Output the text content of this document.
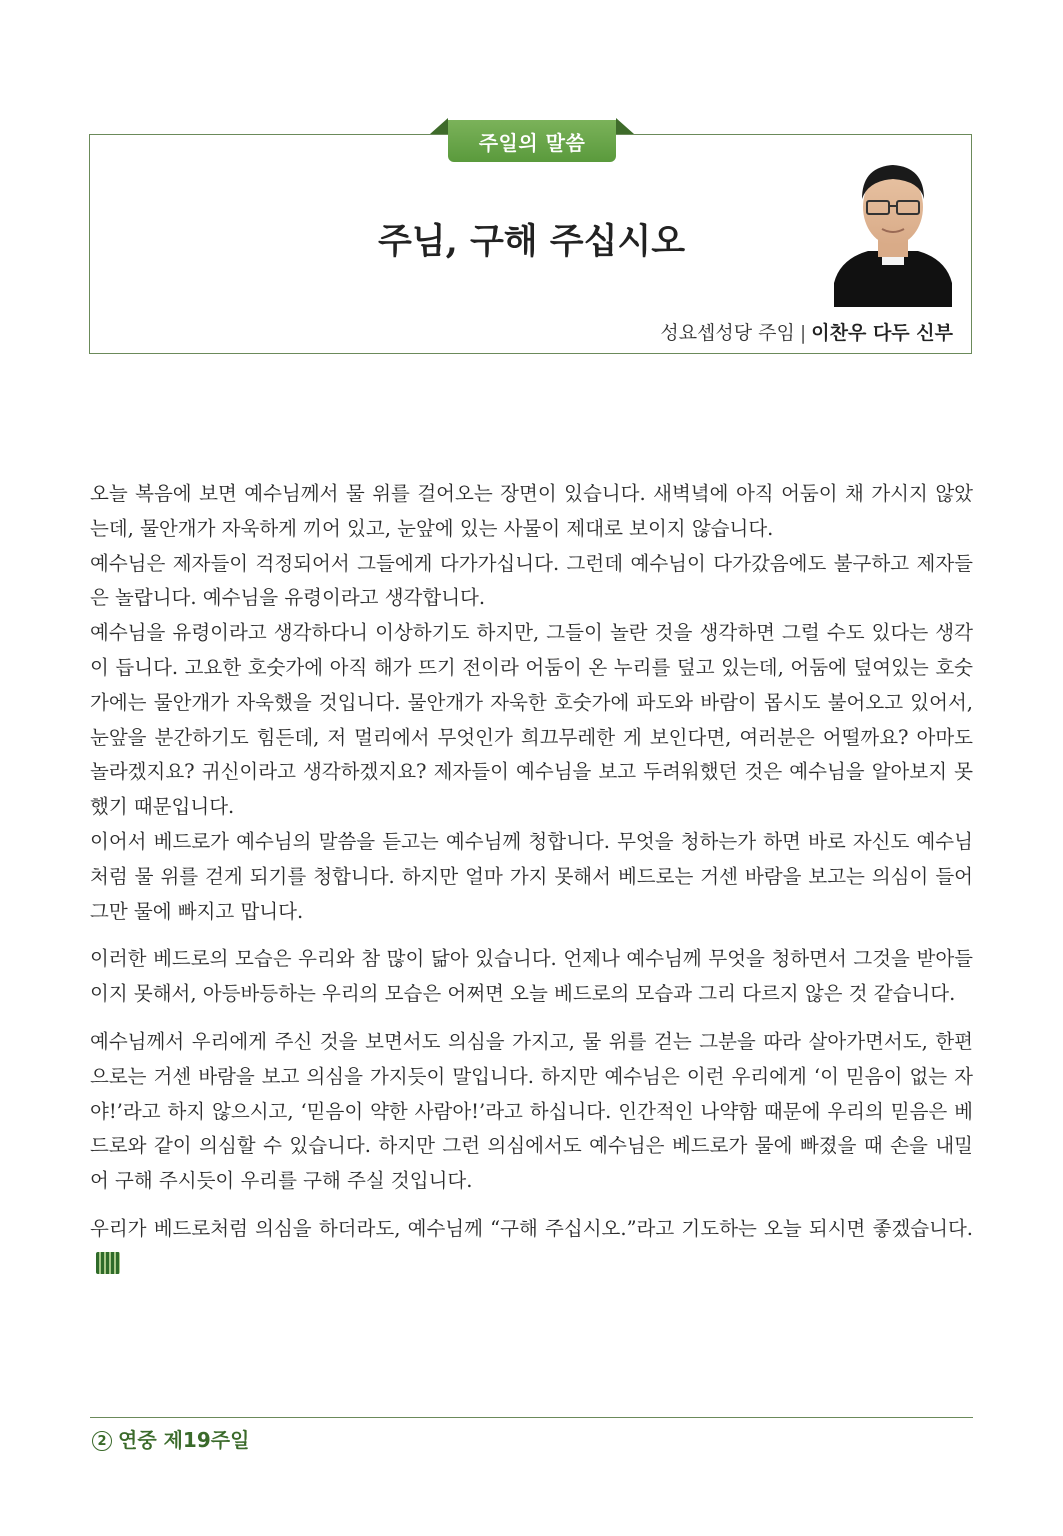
주일의 말씀
주님, 구해 주십시오
성요셉성당 주임 | 이찬우 다두 신부

오늘 복음에 보면 예수님께서 물 위를 걸어오는 장면이 있습니다. 새벽녘에 아직 어둠이 채 가시지 않았는데, 물안개가 자욱하게 끼어 있고, 눈앞에 있는 사물이 제대로 보이지 않습니다.

예수님은 제자들이 걱정되어서 그들에게 다가가십니다. 그런데 예수님이 다가갔음에도 불구하고 제자들은 놀랍니다. 예수님을 유령이라고 생각합니다.

예수님을 유령이라고 생각하다니 이상하기도 하지만, 그들이 놀란 것을 생각하면 그럴 수도 있다는 생각이 듭니다. 고요한 호숫가에 아직 해가 뜨기 전이라 어둠이 온 누리를 덮고 있는데, 어둠에 덮여있는 호숫가에는 물안개가 자욱했을 것입니다. 물안개가 자욱한 호숫가에 파도와 바람이 몹시도 불어오고 있어서, 눈앞을 분간하기도 힘든데, 저 멀리에서 무엇인가 희끄무레한 게 보인다면, 여러분은 어떨까요? 아마도 놀라겠지요? 귀신이라고 생각하겠지요? 제자들이 예수님을 보고 두려워했던 것은 예수님을 알아보지 못했기 때문입니다.

이어서 베드로가 예수님의 말씀을 듣고는 예수님께 청합니다. 무엇을 청하는가 하면 바로 자신도 예수님처럼 물 위를 걷게 되기를 청합니다. 하지만 얼마 가지 못해서 베드로는 거센 바람을 보고는 의심이 들어 그만 물에 빠지고 맙니다.

이러한 베드로의 모습은 우리와 참 많이 닮아 있습니다. 언제나 예수님께 무엇을 청하면서 그것을 받아들이지 못해서, 아등바등하는 우리의 모습은 어쩌면 오늘 베드로의 모습과 그리 다르지 않은 것 같습니다.

예수님께서 우리에게 주신 것을 보면서도 의심을 가지고, 물 위를 걷는 그분을 따라 살아가면서도, 한편으로는 거센 바람을 보고 의심을 가지듯이 말입니다. 하지만 예수님은 이런 우리에게 ‘이 믿음이 없는 자야!’라고 하지 않으시고, ‘믿음이 약한 사람아!’라고 하십니다. 인간적인 나약함 때문에 우리의 믿음은 베드로와 같이 의심할 수 있습니다. 하지만 그런 의심에서도 예수님은 베드로가 물에 빠졌을 때 손을 내밀어 구해 주시듯이 우리를 구해 주실 것입니다.

우리가 베드로처럼 의심을 하더라도, 예수님께 “구해 주십시오.”라고 기도하는 오늘 되시면 좋겠습니다.

2 연중 제19주일
